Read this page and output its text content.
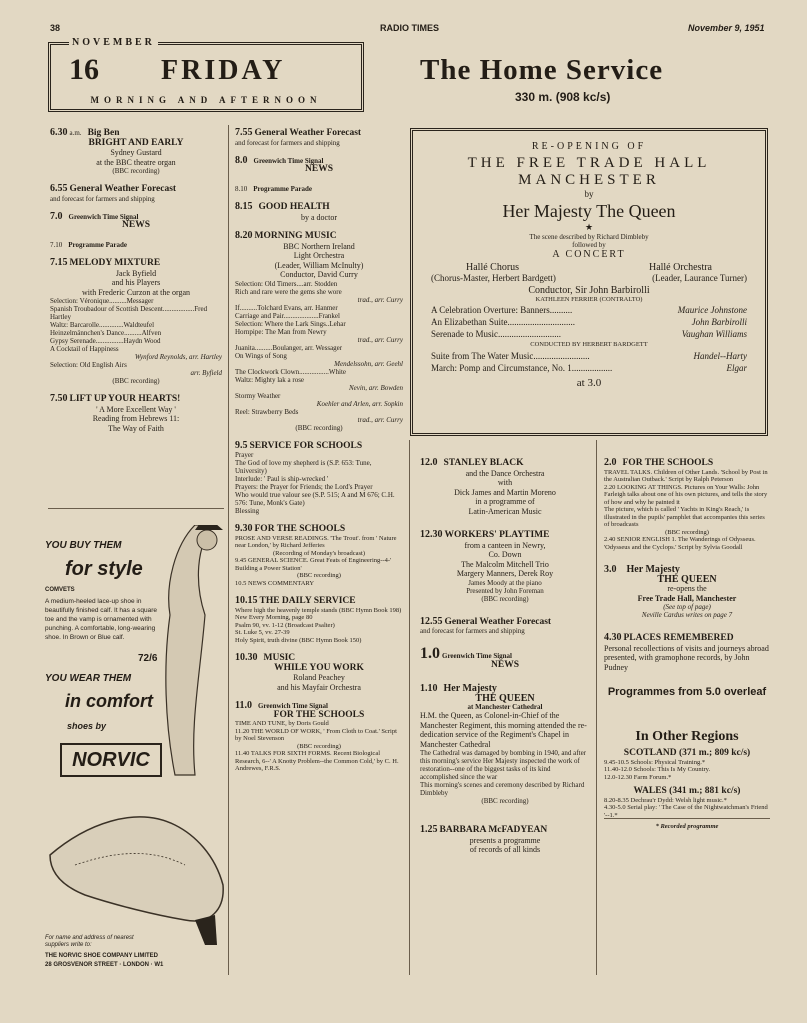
38	RADIO TIMES	November 9, 1951
NOVEMBER
16 FRIDAY
MORNING AND AFTERNOON
The Home Service
330 m. (908 kc/s)
6.30 a.m. Big Ben
BRIGHT AND EARLY
Sydney Gustard
at the BBC theatre organ
(BBC recording)
6.55 General Weather Forecast
and forecast for farmers and shipping
7.0 Greenwich Time Signal
NEWS
7.10 Programme Parade
7.15 MELODY MIXTURE
Jack Byfield
and his Players
with Frederic Curzon at the organ
Selection: Véronique..........Messager
Spanish Troubadour of Scottish Descent..................Fred Hartley
Waltz: Barcarolle..............Waldteufel
Heinzelmännchen's Dance..........Alfven
Gypsy Serenade................Haydn Wood
A Cocktail of Happiness
Wynford Reynolds, arr. Hartley
Selection: Old English Airs
arr. Byfield
(BBC recording)
7.50 LIFT UP YOUR HEARTS!
' A More Excellent Way '
Reading from Hebrews 11:
The Way of Faith
YOU BUY THEM
for style
COMVETS
A medium-heeled lace-up shoe in beautifully finished calf. It has a square toe and the vamp is ornamented with punching. A comfortable, long-wearing shoe. In Brown or Blue calf.
72/6
YOU WEAR THEM
in comfort
shoes by
NORVIC
For name and address of nearest suppliers write to:
THE NORVIC SHOE COMPANY LIMITED
28 GROSVENOR STREET · LONDON · W1
7.55 General Weather Forecast
and forecast for farmers and shipping
8.0 Greenwich Time Signal
NEWS
8.10 Programme Parade
8.15 GOOD HEALTH
by a doctor
8.20 MORNING MUSIC
BBC Northern Ireland
Light Orchestra
(Leader, William McInulty)
Conductor, David Curry
Selection: Old Timers....arr. Stodden
Rich and rare were the gems she wore
trad., arr. Curry
If..........Tolchard Evans, arr. Hanmer
Carriage and Pair....................Frankel
Selection: Where the Lark Sings..Lehar
Hornpipe: The Man from Newry
trad., arr. Curry
Juanita..........Boulanger, arr. Wessager
On Wings of Song
Mendelssohn, arr. Geehl
The Clockwork Clown.................White
Waltz: Mighty lak a rose
Nevin, arr. Bowden
Stormy Weather
Koehler and Arlen, arr. Sopkin
Reel: Strawberry Beds
trad., arr. Curry
(BBC recording)
9.5 SERVICE FOR SCHOOLS
Prayer
The God of love my shepherd is (S.P. 653: Tune, University)
Interlude: ' Paul is ship-wrecked '
Prayers: the Prayer for Friends; the Lord's Prayer
Who would true valour see (S.P. 515; A and M 676; C.H. 576: Tune, Monk's Gate)
Blessing
9.30 FOR THE SCHOOLS
PROSE AND VERSE READINGS. 'The Trout'. from ' Nature near London,' by Richard Jefferies
(Recording of Monday's broadcast)
9.45 GENERAL SCIENCE. Great Feats of Engineering--4-' Building a Power Station'
(BBC recording)
10.5 NEWS COMMENTARY
10.15 THE DAILY SERVICE
Where high the heavenly temple stands (BBC Hymn Book 198)
New Every Morning, page 80
Psalm 90, vv. 1-12 (Broadcast Psalter)
St. Luke 5, vv. 27-39
Holy Spirit, truth divine (BBC Hymn Book 150)
10.30 MUSIC
WHILE YOU WORK
Roland Peachey
and his Mayfair Orchestra
11.0 Greenwich Time Signal
FOR THE SCHOOLS
TIME AND TUNE, by Doris Gould
11.20 THE WORLD OF WORK, ' From Cloth to Coat.' Script by Noel Stevenson
(BBC recording)
11.40 TALKS FOR SIXTH FORMS. Recent Biological Research, 6--' A Knotty Problem--the Common Cold,' by C. H. Andrewes, F.R.S.
RE-OPENING OF
THE FREE TRADE HALL
MANCHESTER
by
Her Majesty The Queen
★
The scene described by Richard Dimbleby
followed by
A CONCERT
Hallé Chorus	Hallé Orchestra
(Chorus-Master, Herbert Bardgett)	(Leader, Laurance Turner)
Conductor, Sir John Barbirolli
KATHLEEN FERRIER (CONTRALTO)
A Celebration Overture: Banners..........	Maurice Johnstone
An Elizabethan Suite..............................	John Barbirolli
Serenade to Music............................	Vaughan Williams
CONDUCTED BY HERBERT BARDGETT
Suite from The Water Music.........................	Handel--Harty
March: Pomp and Circumstance, No. 1..................	Elgar
at 3.0
12.0 STANLEY BLACK
and the Dance Orchestra
with
Dick James and Martin Moreno
in a programme of
Latin-American Music
12.30 WORKERS' PLAYTIME
from a canteen in Newry,
Co. Down
The Malcolm Mitchell Trio
Margery Manners, Derek Roy
James Moody at the piano
Presented by John Foreman
(BBC recording)
12.55 General Weather Forecast
and forecast for farmers and shipping
1.0 Greenwich Time Signal
NEWS
1.10 Her Majesty
THE QUEEN
at Manchester Cathedral
H.M. the Queen, as Colonel-in-Chief of the Manchester Regiment, this morning attended the re-dedication service of the Regiment's Chapel in Manchester Cathedral
The Cathedral was damaged by bombing in 1940, and after this morning's service Her Majesty inspected the work of restoration--one of the biggest tasks of its kind accomplished since the war
This morning's scenes and ceremony described by Richard Dimbleby
(BBC recording)
1.25 BARBARA McFADYEAN
presents a programme
of records of all kinds
2.0 FOR THE SCHOOLS
TRAVEL TALKS. Children of Other Lands. 'School by Post in the Australian Outback.' Script by Ralph Peterson
2.20 LOOKING AT THINGS. Pictures on Your Walls: John Farleigh talks about one of his own pictures, and tells the story of how and why he painted it
The picture, which is called ' Yachts in King's Reach,' is illustrated in the pupils' pamphlet that accompanies this series of broadcasts
(BBC recording)
2.40 SENIOR ENGLISH 1. The Wanderings of Odysseus. 'Odysseus and the Cyclops.' Script by Sylvia Goodall
3.0 Her Majesty
THE QUEEN
re-opens the
Free Trade Hall, Manchester
(See top of page)
Neville Cardus writes on page 7
4.30 PLACES REMEMBERED
Personal recollections of visits and journeys abroad presented, with gramophone records, by John Pudney
Programmes from 5.0 overleaf
In Other Regions
SCOTLAND (371 m.; 809 kc/s)
9.45-10.5 Schools: Physical Training.*
11.40-12.0 Schools: This Is My Country.
12.0-12.30 Farm Forum.*
WALES (341 m.; 881 kc/s)
8.20-8.35 Dechrau'r Dydd: Welsh light music.*
4.30-5.0 Serial play: ' The Case of the Nightwatchman's Friend '--1.*
* Recorded programme
